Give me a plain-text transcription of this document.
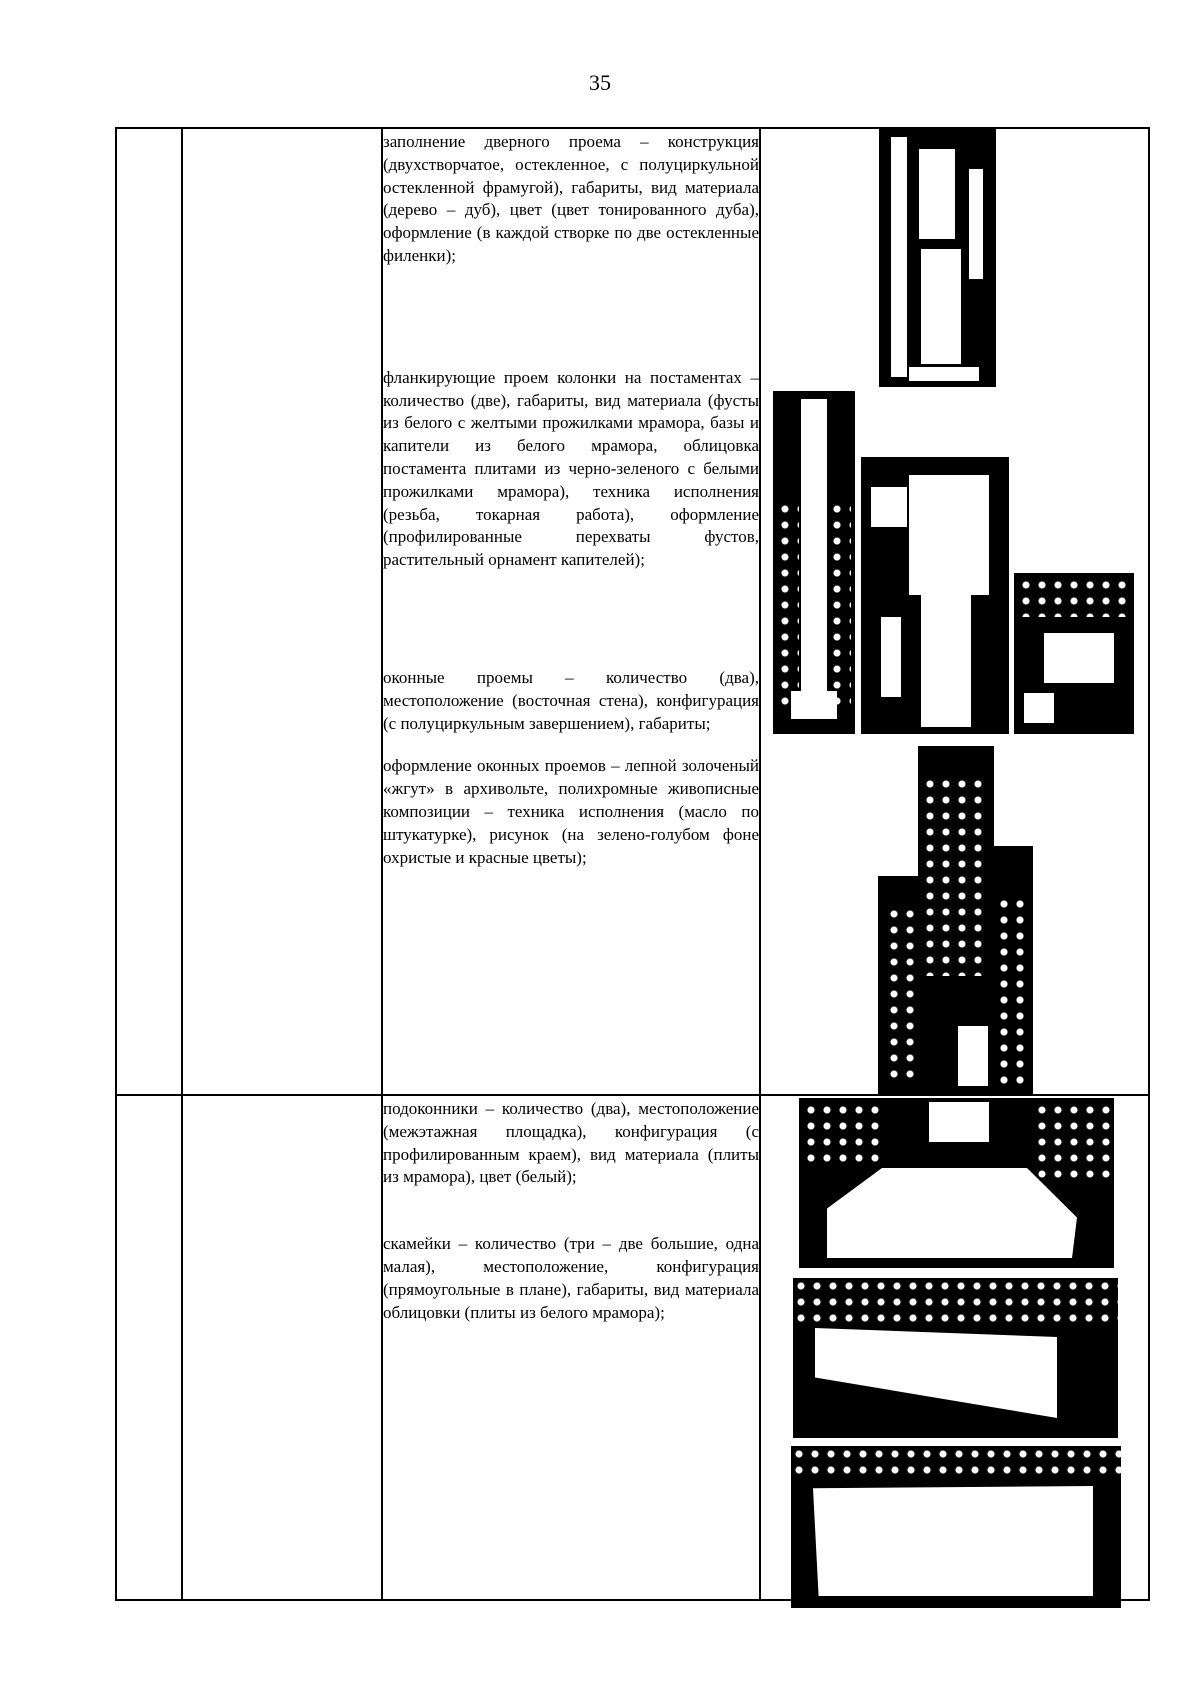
35

		заполнение дверного проема – конструкция (двухстворчатое, остекленное, с полуциркульной остекленной фрамугой), габариты, вид материала (дерево – дуб), цвет (цвет тонированного дуба), оформление (в каждой створке по две остекленные филенки);

фланкирующие проем колонки на постаментах – количество (две), габариты, вид материала (фусты из белого с желтыми прожилками мрамора, базы и капители из белого мрамора, облицовка постамента плитами из черно-зеленого с белыми прожилками мрамора), техника исполнения (резьба, токарная работа), оформление (профилированные перехваты фустов, растительный орнамент капителей);

оконные проемы – количество (два), местоположение (восточная стена), конфигурация (с полуциркульным завершением), габариты;

оформление оконных проемов – лепной золоченый «жгут» в архивольте, полихромные живописные композиции – техника исполнения (масло по штукатурке), рисунок (на зелено-голубом фоне охристые и красные цветы);	

		подоконники – количество (два), местоположение (межэтажная площадка), конфигурация (с профилированным краем), вид материала (плиты из мрамора), цвет (белый);

скамейки – количество (три – две большие, одна малая), местоположение, конфигурация (прямоугольные в плане), габариты, вид материала облицовки (плиты из белого мрамора);	
